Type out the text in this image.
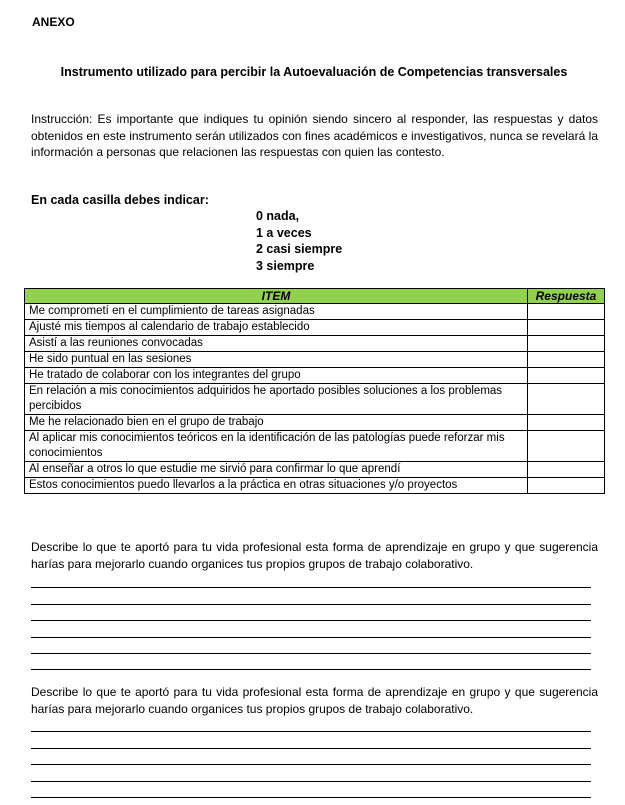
ANEXO
Instrumento utilizado para percibir la Autoevaluación de Competencias transversales
Instrucción: Es importante que indiques tu opinión siendo sincero al responder, las respuestas y datos obtenidos en este instrumento serán utilizados con fines académicos e investigativos, nunca se revelará la información a personas que relacionen las respuestas con quien las contesto.
En cada casilla debes indicar:
0 nada,
1 a veces
2 casi siempre
3 siempre
ITEM	Respuesta
Me comprometí en el cumplimiento de tareas asignadas	
Ajusté mis tiempos al calendario de trabajo establecido	
Asistí a las reuniones convocadas	
He sido puntual en las sesiones	
He tratado de colaborar con los integrantes del grupo	
En relación a mis conocimientos adquiridos he aportado posibles soluciones a los problemas percibidos	
Me he relacionado bien en el grupo de trabajo	
Al aplicar mis conocimientos teóricos en la identificación de las patologías puede reforzar mis conocimientos	
Al enseñar a otros lo que estudie me sirvió para confirmar lo que aprendí	
Estos conocimientos puedo llevarlos a la práctica en otras situaciones y/o proyectos	
Describe lo que te aportó para tu vida profesional esta forma de aprendizaje en grupo y que sugerencia harías para mejorarlo cuando organices tus propios grupos de trabajo colaborativo.
Describe lo que te aportó para tu vida profesional esta forma de aprendizaje en grupo y que sugerencia harías para mejorarlo cuando organices tus propios grupos de trabajo colaborativo.
